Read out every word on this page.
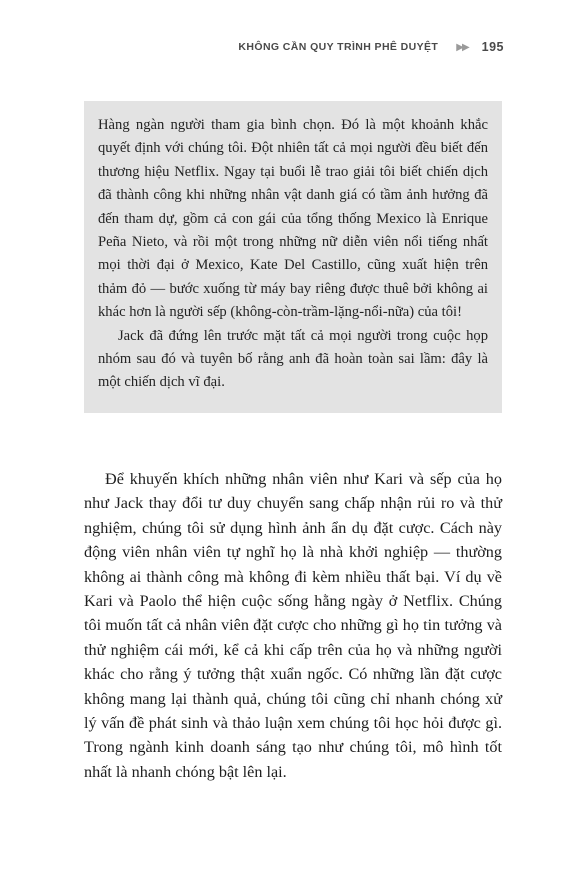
KHÔNG CẦN QUY TRÌNH PHÊ DUYỆT ▶▶ 195

Hàng ngàn người tham gia bình chọn. Đó là một khoảnh khắc quyết định với chúng tôi. Đột nhiên tất cả mọi người đều biết đến thương hiệu Netflix. Ngay tại buổi lễ trao giải tôi biết chiến dịch đã thành công khi những nhân vật danh giá có tầm ảnh hưởng đã đến tham dự, gồm cả con gái của tổng thống Mexico là Enrique Peña Nieto, và rồi một trong những nữ diễn viên nổi tiếng nhất mọi thời đại ở Mexico, Kate Del Castillo, cũng xuất hiện trên thảm đỏ — bước xuống từ máy bay riêng được thuê bởi không ai khác hơn là người sếp (không-còn-trầm-lặng-nổi-nữa) của tôi!

Jack đã đứng lên trước mặt tất cả mọi người trong cuộc họp nhóm sau đó và tuyên bố rằng anh đã hoàn toàn sai lầm: đây là một chiến dịch vĩ đại.

Để khuyến khích những nhân viên như Kari và sếp của họ như Jack thay đổi tư duy chuyển sang chấp nhận rủi ro và thử nghiệm, chúng tôi sử dụng hình ảnh ẩn dụ đặt cược. Cách này động viên nhân viên tự nghĩ họ là nhà khởi nghiệp — thường không ai thành công mà không đi kèm nhiều thất bại. Ví dụ về Kari và Paolo thể hiện cuộc sống hằng ngày ở Netflix. Chúng tôi muốn tất cả nhân viên đặt cược cho những gì họ tin tưởng và thử nghiệm cái mới, kể cả khi cấp trên của họ và những người khác cho rằng ý tưởng thật xuẩn ngốc. Có những lần đặt cược không mang lại thành quả, chúng tôi cũng chỉ nhanh chóng xử lý vấn đề phát sinh và thảo luận xem chúng tôi học hỏi được gì. Trong ngành kinh doanh sáng tạo như chúng tôi, mô hình tốt nhất là nhanh chóng bật lên lại.
